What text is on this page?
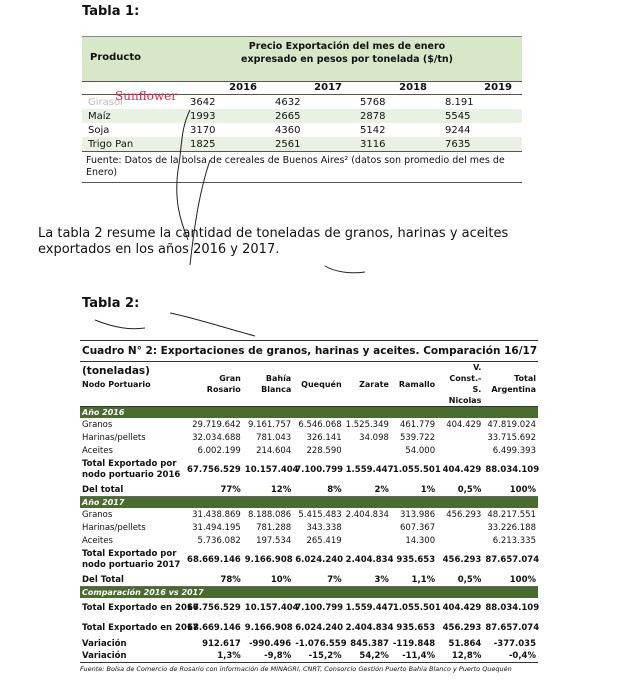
Tabla 1:
Producto
Precio Exportación del mes de enero expresado en pesos por tonelada ($/tn)
2016	2017	2018	2019
Girasol	3642	4632	5768	8.191
Maíz	1993	2665	2878	5545
Soja	3170	4360	5142	9244
Trigo Pan	1825	2561	3116	7635
Fuente: Datos de la bolsa de cereales de Buenos Aires² (datos son promedio del mes de Enero)
Sunflower
La tabla 2 resume la cantidad de toneladas de granos, harinas y aceites exportados en los años 2016 y 2017.
Tabla 2:
Cuadro N° 2: Exportaciones de granos, harinas y aceites. Comparación 16/17 (toneladas)
Nodo Portuario	Gran Rosario	Bahía Blanca	Quequén	Zarate	Ramallo	V. Const.- S. Nicolas	Total Argentina
Año 2016							
Granos	29.719.642	9.161.757	6.546.068	1.525.349	461.779	404.429	47.819.024
Harinas/pellets	32.034.688	781.043	326.141	34.098	539.722		33.715.692
Aceites	6.002.199	214.604	228.590		54.000		6.499.393
Total Exportado por nodo portuario 2016	67.756.529	10.157.404	7.100.799	1.559.447	1.055.501	404.429	88.034.109
Del total	77%	12%	8%	2%	1%	0,5%	100%
Año 2017							
Granos	31.438.869	8.188.086	5.415.483	2.404.834	313.986	456.293	48.217.551
Harinas/pellets	31.494.195	781.288	343.338		607.367		33.226.188
Aceites	5.736.082	197.534	265.419		14.300		6.213.335
Total Exportado por nodo portuario 2017	68.669.146	9.166.908	6.024.240	2.404.834	935.653	456.293	87.657.074
Del Total	78%	10%	7%	3%	1,1%	0,5%	100%
Comparación 2016 vs 2017							
Total Exportado en 2016	67.756.529	10.157.404	7.100.799	1.559.447	1.055.501	404.429	88.034.109
Total Exportado en 2017	68.669.146	9.166.908	6.024.240	2.404.834	935.653	456.293	87.657.074
Variación	912.617	-990.496	-1.076.559	845.387	-119.848	51.864	-377.035
Variación	1,3%	-9,8%	-15,2%	54,2%	-11,4%	12,8%	-0,4%
Fuente: Bolsa de Comercio de Rosario con información de MINAGRI, CNRT, Consorcio Gestión Puerto Bahía Blanco y Puerto Quequén
